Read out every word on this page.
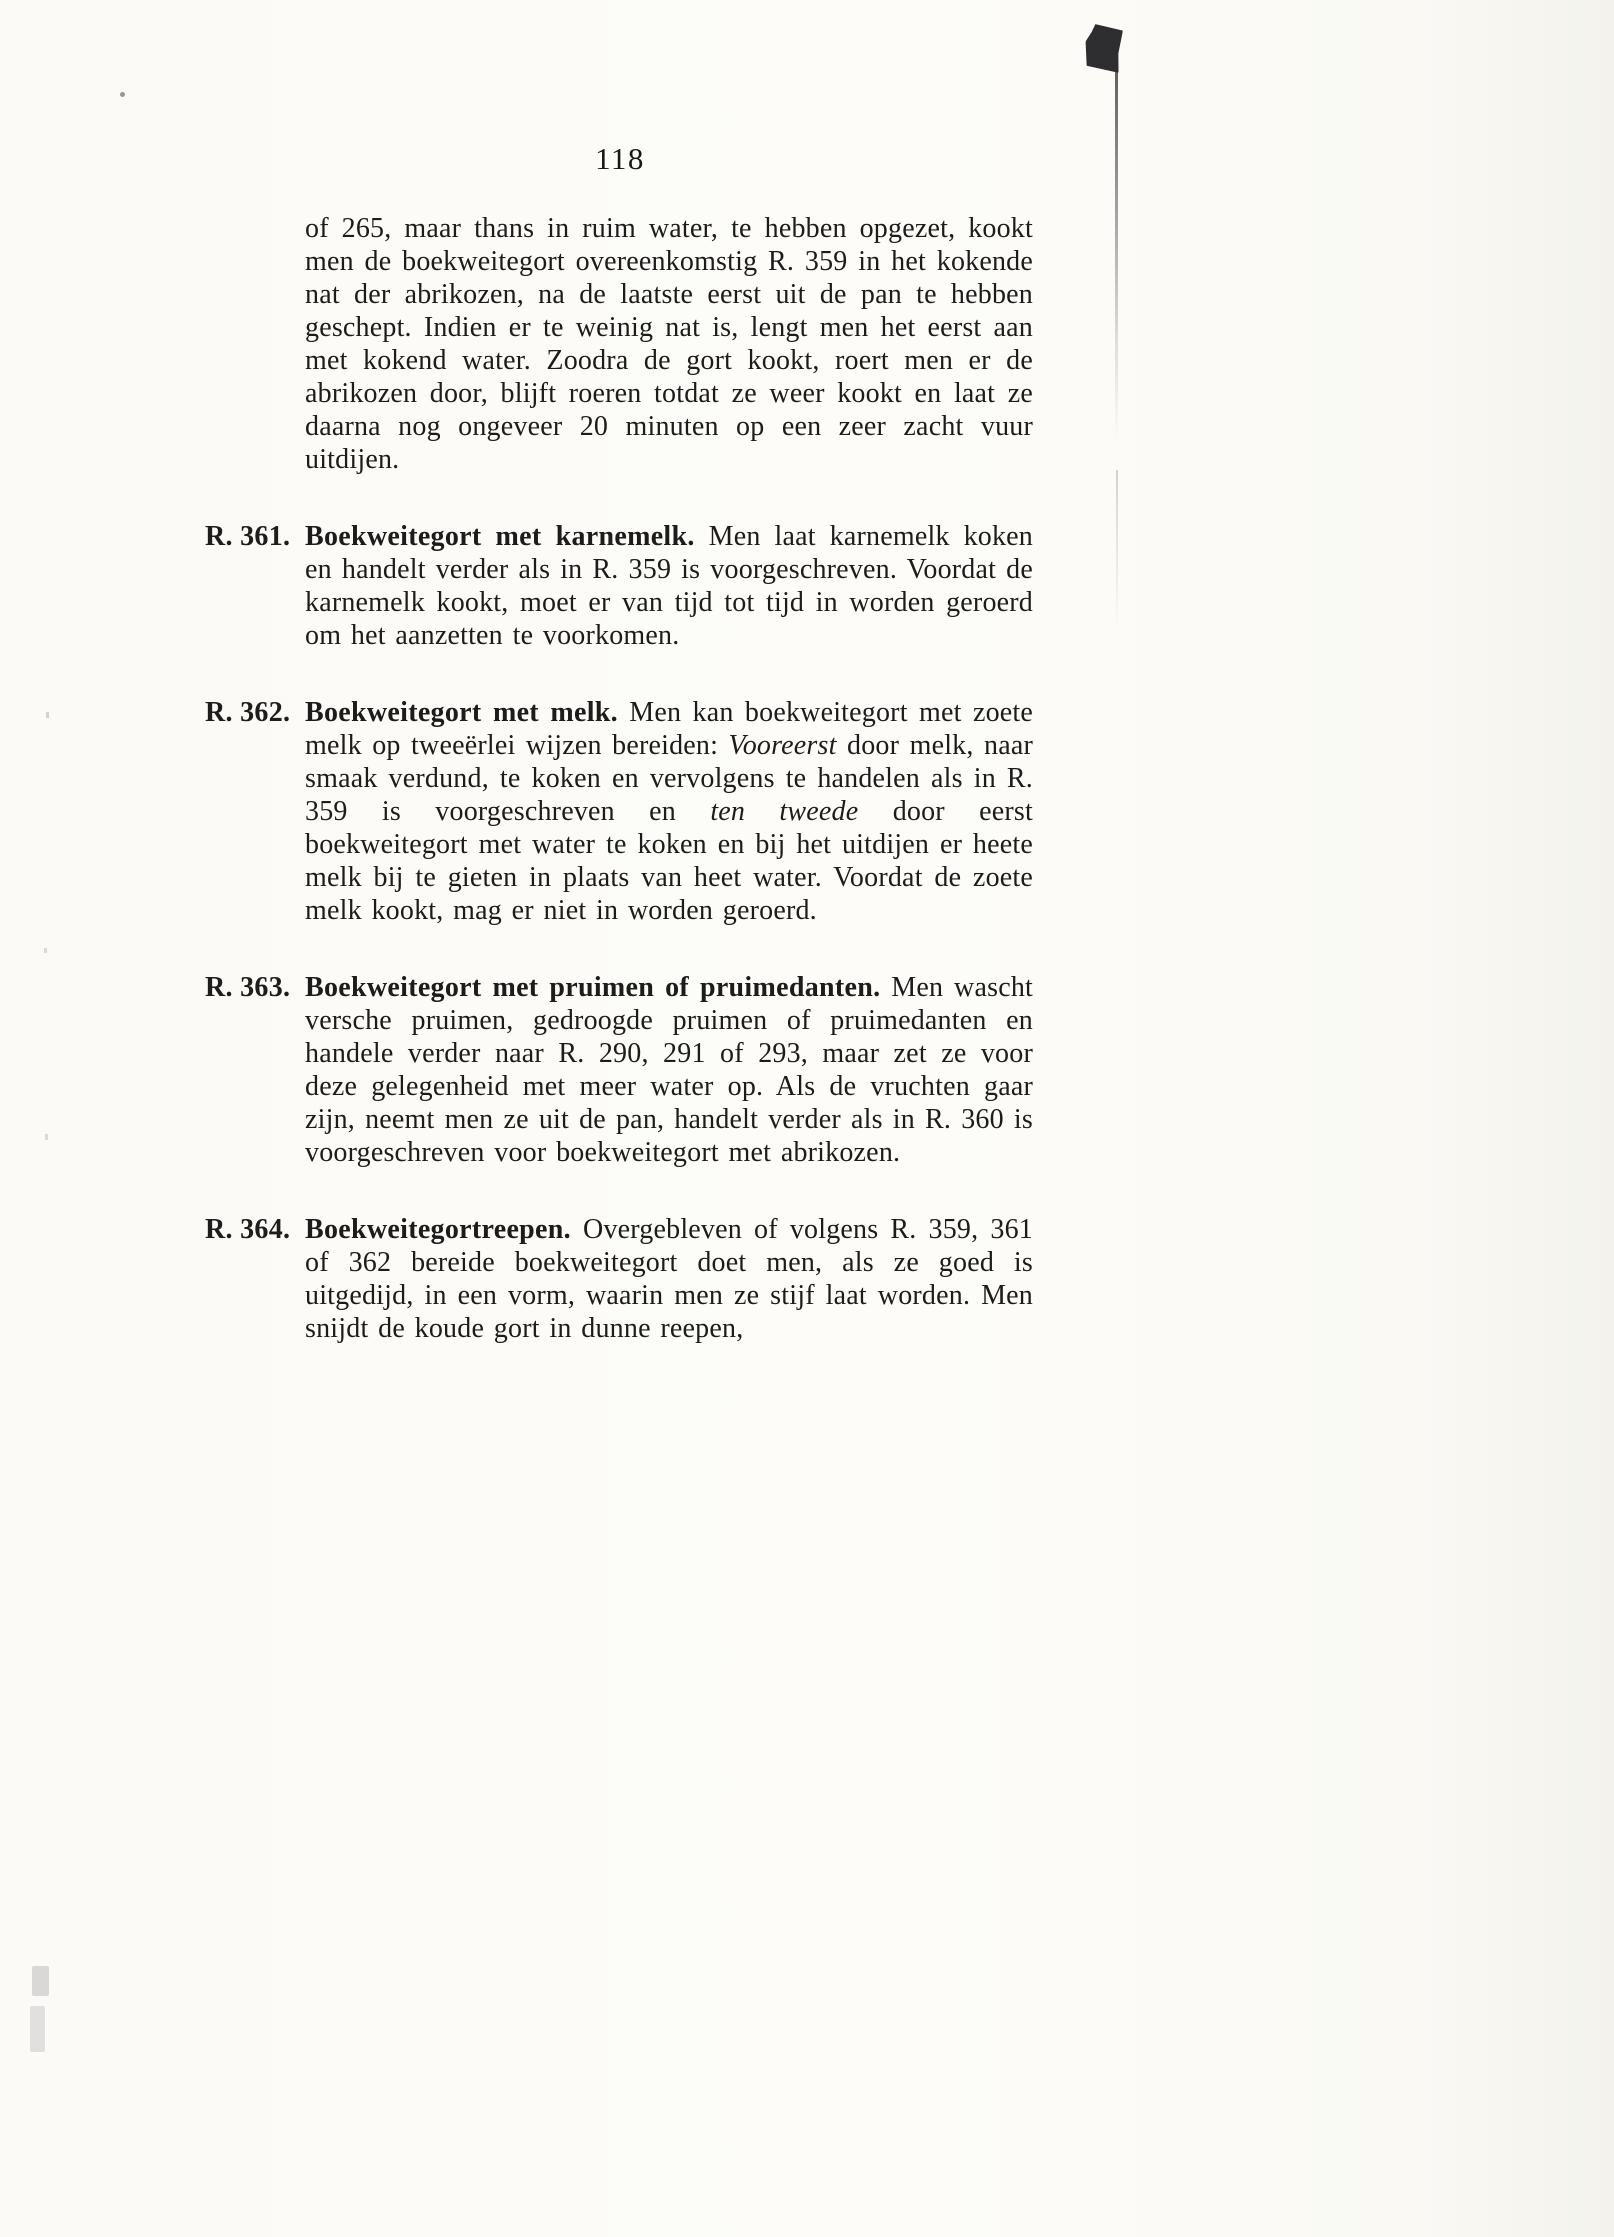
118

of 265, maar thans in ruim water, te hebben opgezet, kookt men de boekweitegort overeenkomstig R. 359 in het kokende nat der abrikozen, na de laatste eerst uit de pan te hebben geschept. Indien er te weinig nat is, lengt men het eerst aan met kokend water. Zoodra de gort kookt, roert men er de abrikozen door, blijft roeren totdat ze weer kookt en laat ze daarna nog ongeveer 20 minuten op een zeer zacht vuur uitdijen.

R. 361. Boekweitegort met karnemelk. Men laat karnemelk koken en handelt verder als in R. 359 is voorgeschreven. Voordat de karnemelk kookt, moet er van tijd tot tijd in worden geroerd om het aanzetten te voorkomen.

R. 362. Boekweitegort met melk. Men kan boekweitegort met zoete melk op tweeërlei wijzen bereiden: Vooreerst door melk, naar smaak verdund, te koken en vervolgens te handelen als in R. 359 is voorgeschreven en ten tweede door eerst boekweitegort met water te koken en bij het uitdijen er heete melk bij te gieten in plaats van heet water. Voordat de zoete melk kookt, mag er niet in worden geroerd.

R. 363. Boekweitegort met pruimen of pruimedanten. Men wascht versche pruimen, gedroogde pruimen of pruimedanten en handele verder naar R. 290, 291 of 293, maar zet ze voor deze gelegenheid met meer water op. Als de vruchten gaar zijn, neemt men ze uit de pan, handelt verder als in R. 360 is voorgeschreven voor boekweitegort met abrikozen.

R. 364. Boekweitegortreepen. Overgebleven of volgens R. 359, 361 of 362 bereide boekweitegort doet men, als ze goed is uitgedijd, in een vorm, waarin men ze stijf laat worden. Men snijdt de koude gort in dunne reepen,
